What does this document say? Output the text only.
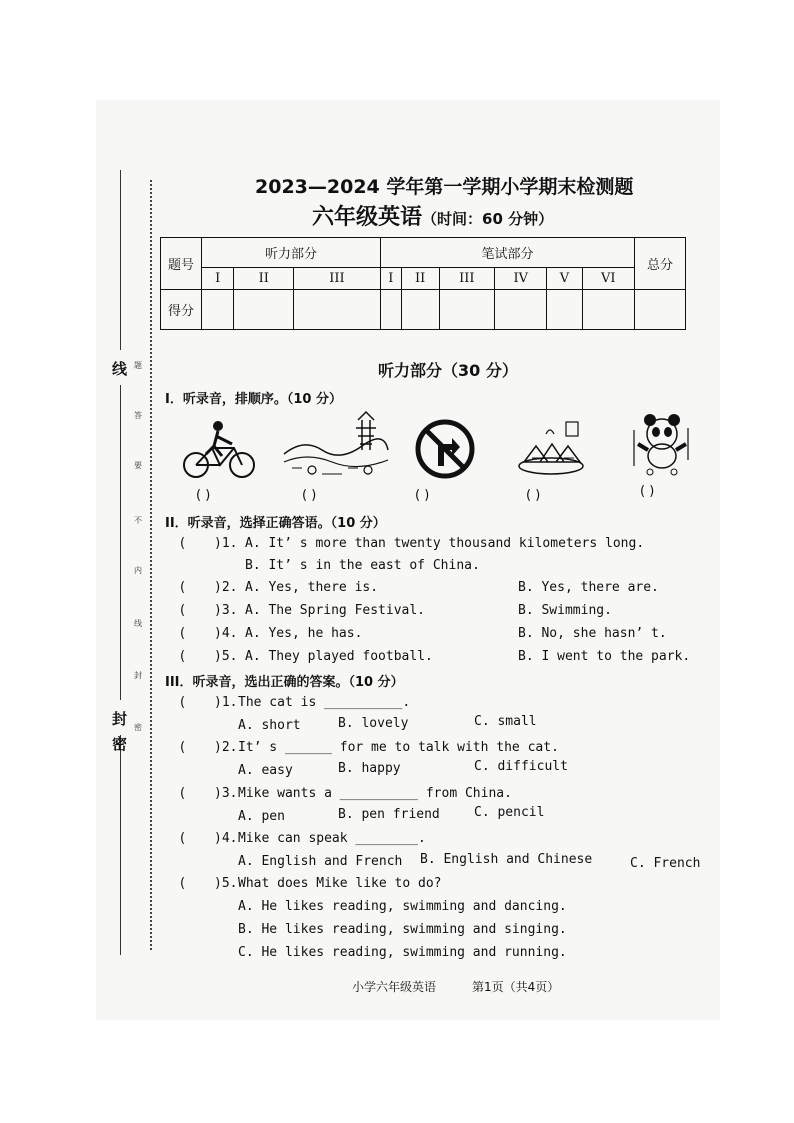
线
封
密
题
答
要
不
内
线
封
密
2023—2024 学年第一学期小学期末检测题
六年级英语（时间：60 分钟）
题号	听力部分			笔试部分						总分
	I	II	III	I	II	III	IV	V	VI	
得分										
听力部分（30 分）
I．听录音，排顺序。（10 分）
( )	( )	( )	( )	( )
II．听录音，选择正确答语。（10 分）
( )1. A. It’ s more than twenty thousand kilometers long.
B. It’ s in the east of China.
( )2. A. Yes, there is.	B. Yes, there are.
( )3. A. The Spring Festival.	B. Swimming.
( )4. A. Yes, he has.	B. No, she hasn’ t.
( )5. A. They played football.	B. I went to the park.
III．听录音，选出正确的答案。（10 分）
( )1. The cat is __________.
A. short	B. lovely	C. small
( )2. It’ s ______ for me to talk with the cat.
A. easy	B. happy	C. difficult
( )3. Mike wants a __________ from China.
A. pen	B. pen friend	C. pencil
( )4. Mike can speak ________.
A. English and French B. English and Chinese	C. French
( )5. What does Mike like to do?
A. He likes reading, swimming and dancing.
B. He likes reading, swimming and singing.
C. He likes reading, swimming and running.
小学六年级英语	第1页（共4页）
